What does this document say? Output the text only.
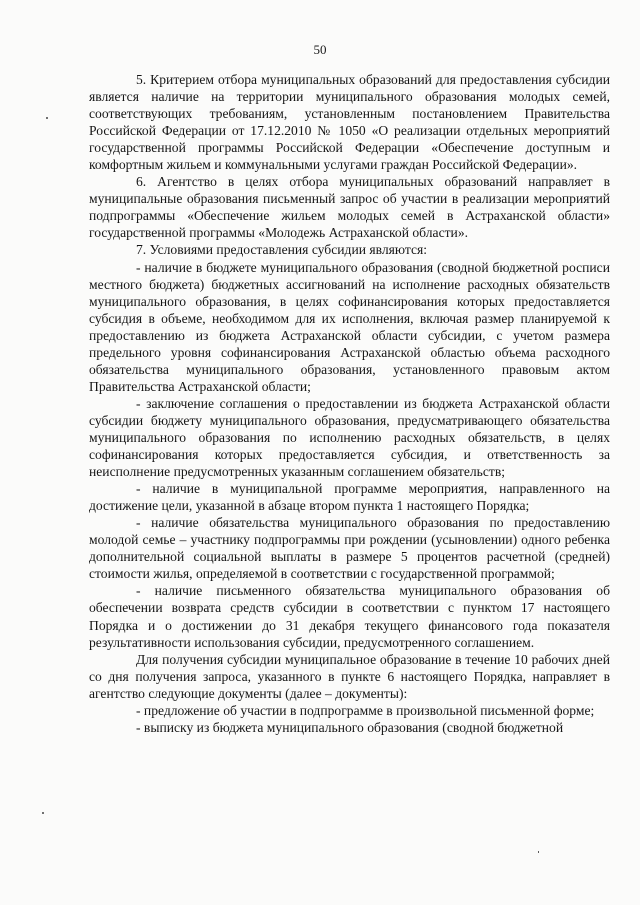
50

5. Критерием отбора муниципальных образований для предоставления субсидии является наличие на территории муниципального образования молодых семей, соответствующих требованиям, установленным постановлением Правительства Российской Федерации от 17.12.2010 № 1050 «О реализации отдельных мероприятий государственной программы Российской Федерации «Обеспечение доступным и комфортным жильем и коммунальными услугами граждан Российской Федерации».

6. Агентство в целях отбора муниципальных образований направляет в муниципальные образования письменный запрос об участии в реализации мероприятий подпрограммы «Обеспечение жильем молодых семей в Астраханской области» государственной программы «Молодежь Астраханской области».

7. Условиями предоставления субсидии являются:

- наличие в бюджете муниципального образования (сводной бюджетной росписи местного бюджета) бюджетных ассигнований на исполнение расходных обязательств муниципального образования, в целях софинансирования которых предоставляется субсидия в объеме, необходимом для их исполнения, включая размер планируемой к предоставлению из бюджета Астраханской области субсидии, с учетом размера предельного уровня софинансирования Астраханской областью объема расходного обязательства муниципального образования, установленного правовым актом Правительства Астраханской области;

- заключение соглашения о предоставлении из бюджета Астраханской области субсидии бюджету муниципального образования, предусматривающего обязательства муниципального образования по исполнению расходных обязательств, в целях софинансирования которых предоставляется субсидия, и ответственность за неисполнение предусмотренных указанным соглашением обязательств;

- наличие в муниципальной программе мероприятия, направленного на достижение цели, указанной в абзаце втором пункта 1 настоящего Порядка;

- наличие обязательства муниципального образования по предоставлению молодой семье – участнику подпрограммы при рождении (усыновлении) одного ребенка дополнительной социальной выплаты в размере 5 процентов расчетной (средней) стоимости жилья, определяемой в соответствии с государственной программой;

- наличие письменного обязательства муниципального образования об обеспечении возврата средств субсидии в соответствии с пунктом 17 настоящего Порядка и о достижении до 31 декабря текущего финансового года показателя результативности использования субсидии, предусмотренного соглашением.

Для получения субсидии муниципальное образование в течение 10 рабочих дней со дня получения запроса, указанного в пункте 6 настоящего Порядка, направляет в агентство следующие документы (далее – документы):

- предложение об участии в подпрограмме в произвольной письменной форме;

- выписку из бюджета муниципального образования (сводной бюджетной
